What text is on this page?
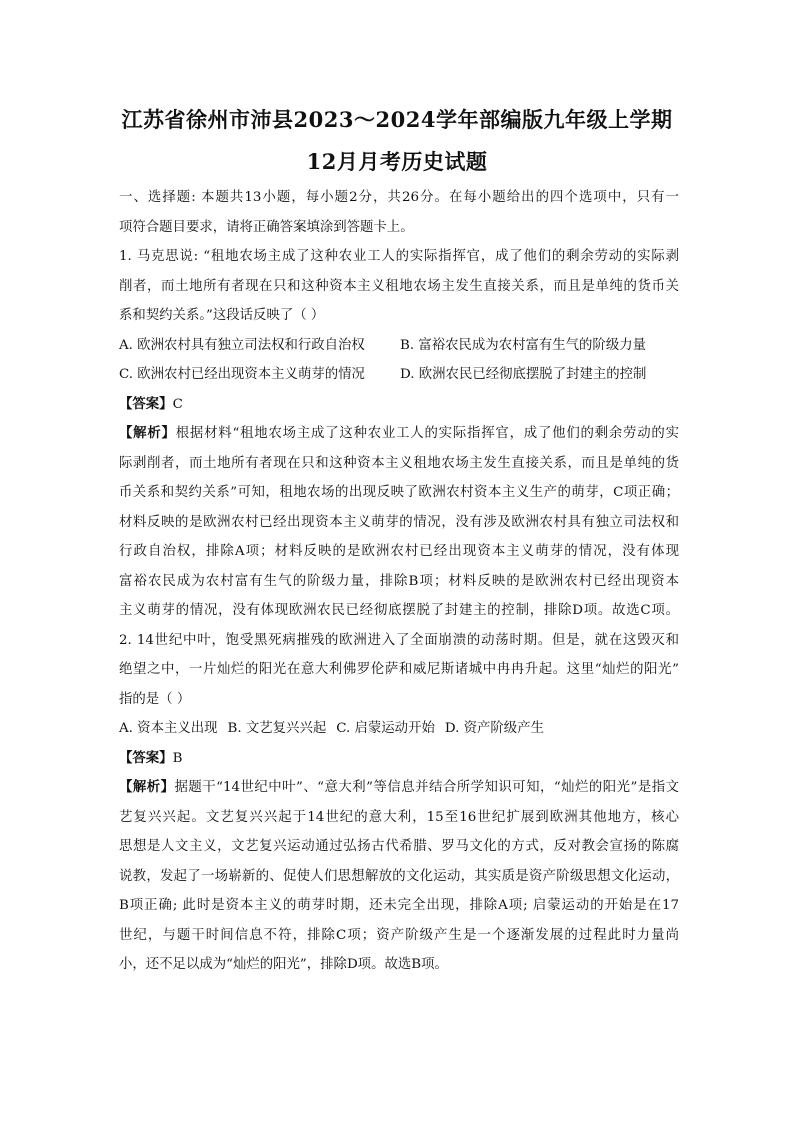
江苏省徐州市沛县2023～2024学年部编版九年级上学期
12月月考历史试题
一、选择题: 本题共13小题，每小题2分，共26分。在每小题给出的四个选项中，只有一
项符合题目要求，请将正确答案填涂到答题卡上。
1. 马克思说: “租地农场主成了这种农业工人的实际指挥官，成了他们的剩余劳动的实际剥
削者，而土地所有者现在只和这种资本主义租地农场主发生直接关系，而且是单纯的货币关
系和契约关系。”这段话反映了（ ）
A. 欧洲农村具有独立司法权和行政自治权	B. 富裕农民成为农村富有生气的阶级力量
C. 欧洲农村已经出现资本主义萌芽的情况	D. 欧洲农民已经彻底摆脱了封建主的控制
【答案】C
【解析】根据材料“租地农场主成了这种农业工人的实际指挥官，成了他们的剩余劳动的实
际剥削者，而土地所有者现在只和这种资本主义租地农场主发生直接关系，而且是单纯的货
币关系和契约关系”可知，租地农场的出现反映了欧洲农村资本主义生产的萌芽，C项正确；
材料反映的是欧洲农村已经出现资本主义萌芽的情况，没有涉及欧洲农村具有独立司法权和
行政自治权，排除A项；材料反映的是欧洲农村已经出现资本主义萌芽的情况，没有体现
富裕农民成为农村富有生气的阶级力量，排除B项；材料反映的是欧洲农村已经出现资本
主义萌芽的情况，没有体现欧洲农民已经彻底摆脱了封建主的控制，排除D项。故选C项。
2. 14世纪中叶，饱受黑死病摧残的欧洲进入了全面崩溃的动荡时期。但是，就在这毁灭和
绝望之中，一片灿烂的阳光在意大利佛罗伦萨和威尼斯诸城中冉冉升起。这里“灿烂的阳光”
指的是（ ）
A. 资本主义出现 B. 文艺复兴兴起 C. 启蒙运动开始 D. 资产阶级产生
【答案】B
【解析】据题干“14世纪中叶”、“意大利”等信息并结合所学知识可知，“灿烂的阳光”是指文
艺复兴兴起。文艺复兴兴起于14世纪的意大利，15至16世纪扩展到欧洲其他地方，核心
思想是人文主义，文艺复兴运动通过弘扬古代希腊、罗马文化的方式，反对教会宣扬的陈腐
说教，发起了一场崭新的、促使人们思想解放的文化运动，其实质是资产阶级思想文化运动，
B项正确; 此时是资本主义的萌芽时期，还未完全出现，排除A项; 启蒙运动的开始是在17
世纪，与题干时间信息不符，排除C项；资产阶级产生是一个逐渐发展的过程此时力量尚
小，还不足以成为“灿烂的阳光”，排除D项。故选B项。
